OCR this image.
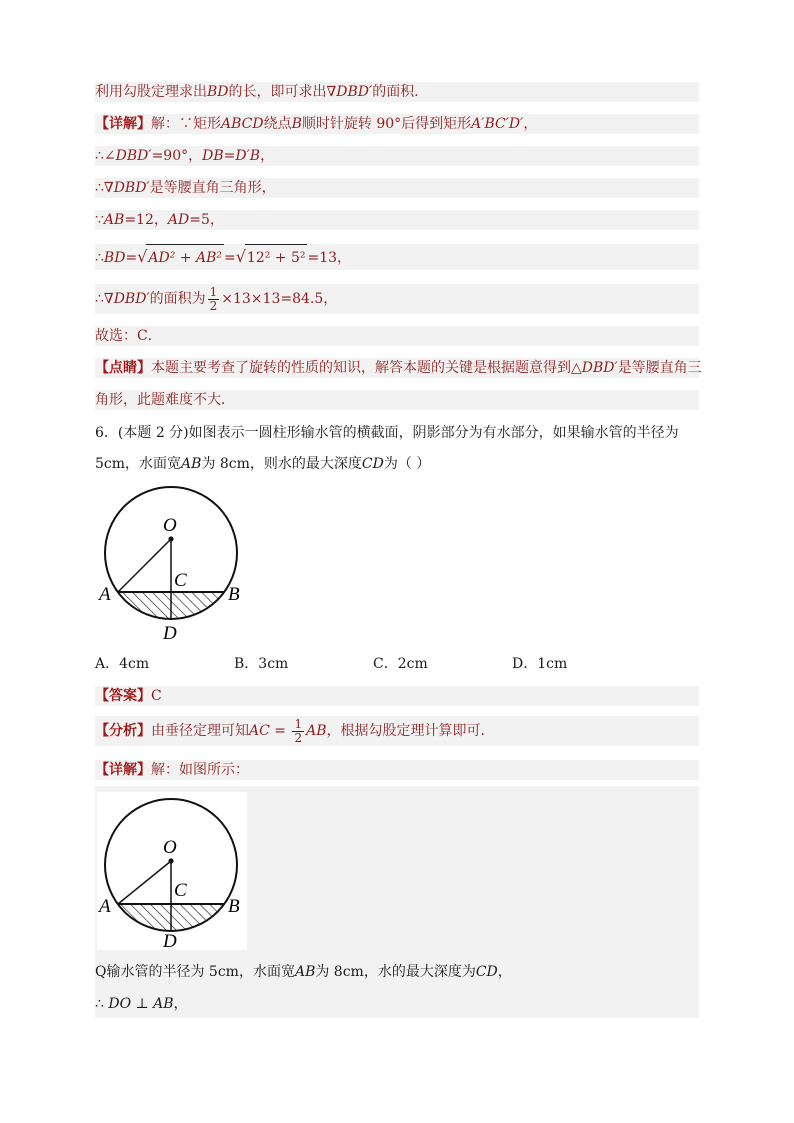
利用勾股定理求出BD的长，即可求出∇DBD′的面积．
【详解】解：∵矩形ABCD绕点B顺时针旋转 90°后得到矩形A′BC′D′，
∴∠DBD′=90°，DB=D′B，
∴∇DBD′是等腰直角三角形，
∵AB=12，AD=5，
∴BD=√AD² + AB² =√12² + 5² =13，
∴∇DBD′的面积为 $\frac{1}{2} \times 13\times 13=84.5$，
故选：C．
【点睛】本题主要考查了旋转的性质的知识，解答本题的关键是根据题意得到△DBD′是等腰直角三
角形，此题难度不大．
6．(本题 2 分)如图表示一圆柱形输水管的横截面，阴影部分为有水部分，如果输水管的半径为
5cm，水面宽AB为 8cm，则水的最大深度CD为（ ）
O
C
A	B
D
A．4cm	B．3cm	C．2cm	D．1cm
【答案】C
【分析】由垂径定理可知AC = $\frac{1}{2}$ AB，根据勾股定理计算即可．
【详解】解：如图所示：
O
C
A	B
D
Q输水管的半径为 5cm，水面宽AB为 8cm，水的最大深度为CD，
∴ DO ⊥ AB，
